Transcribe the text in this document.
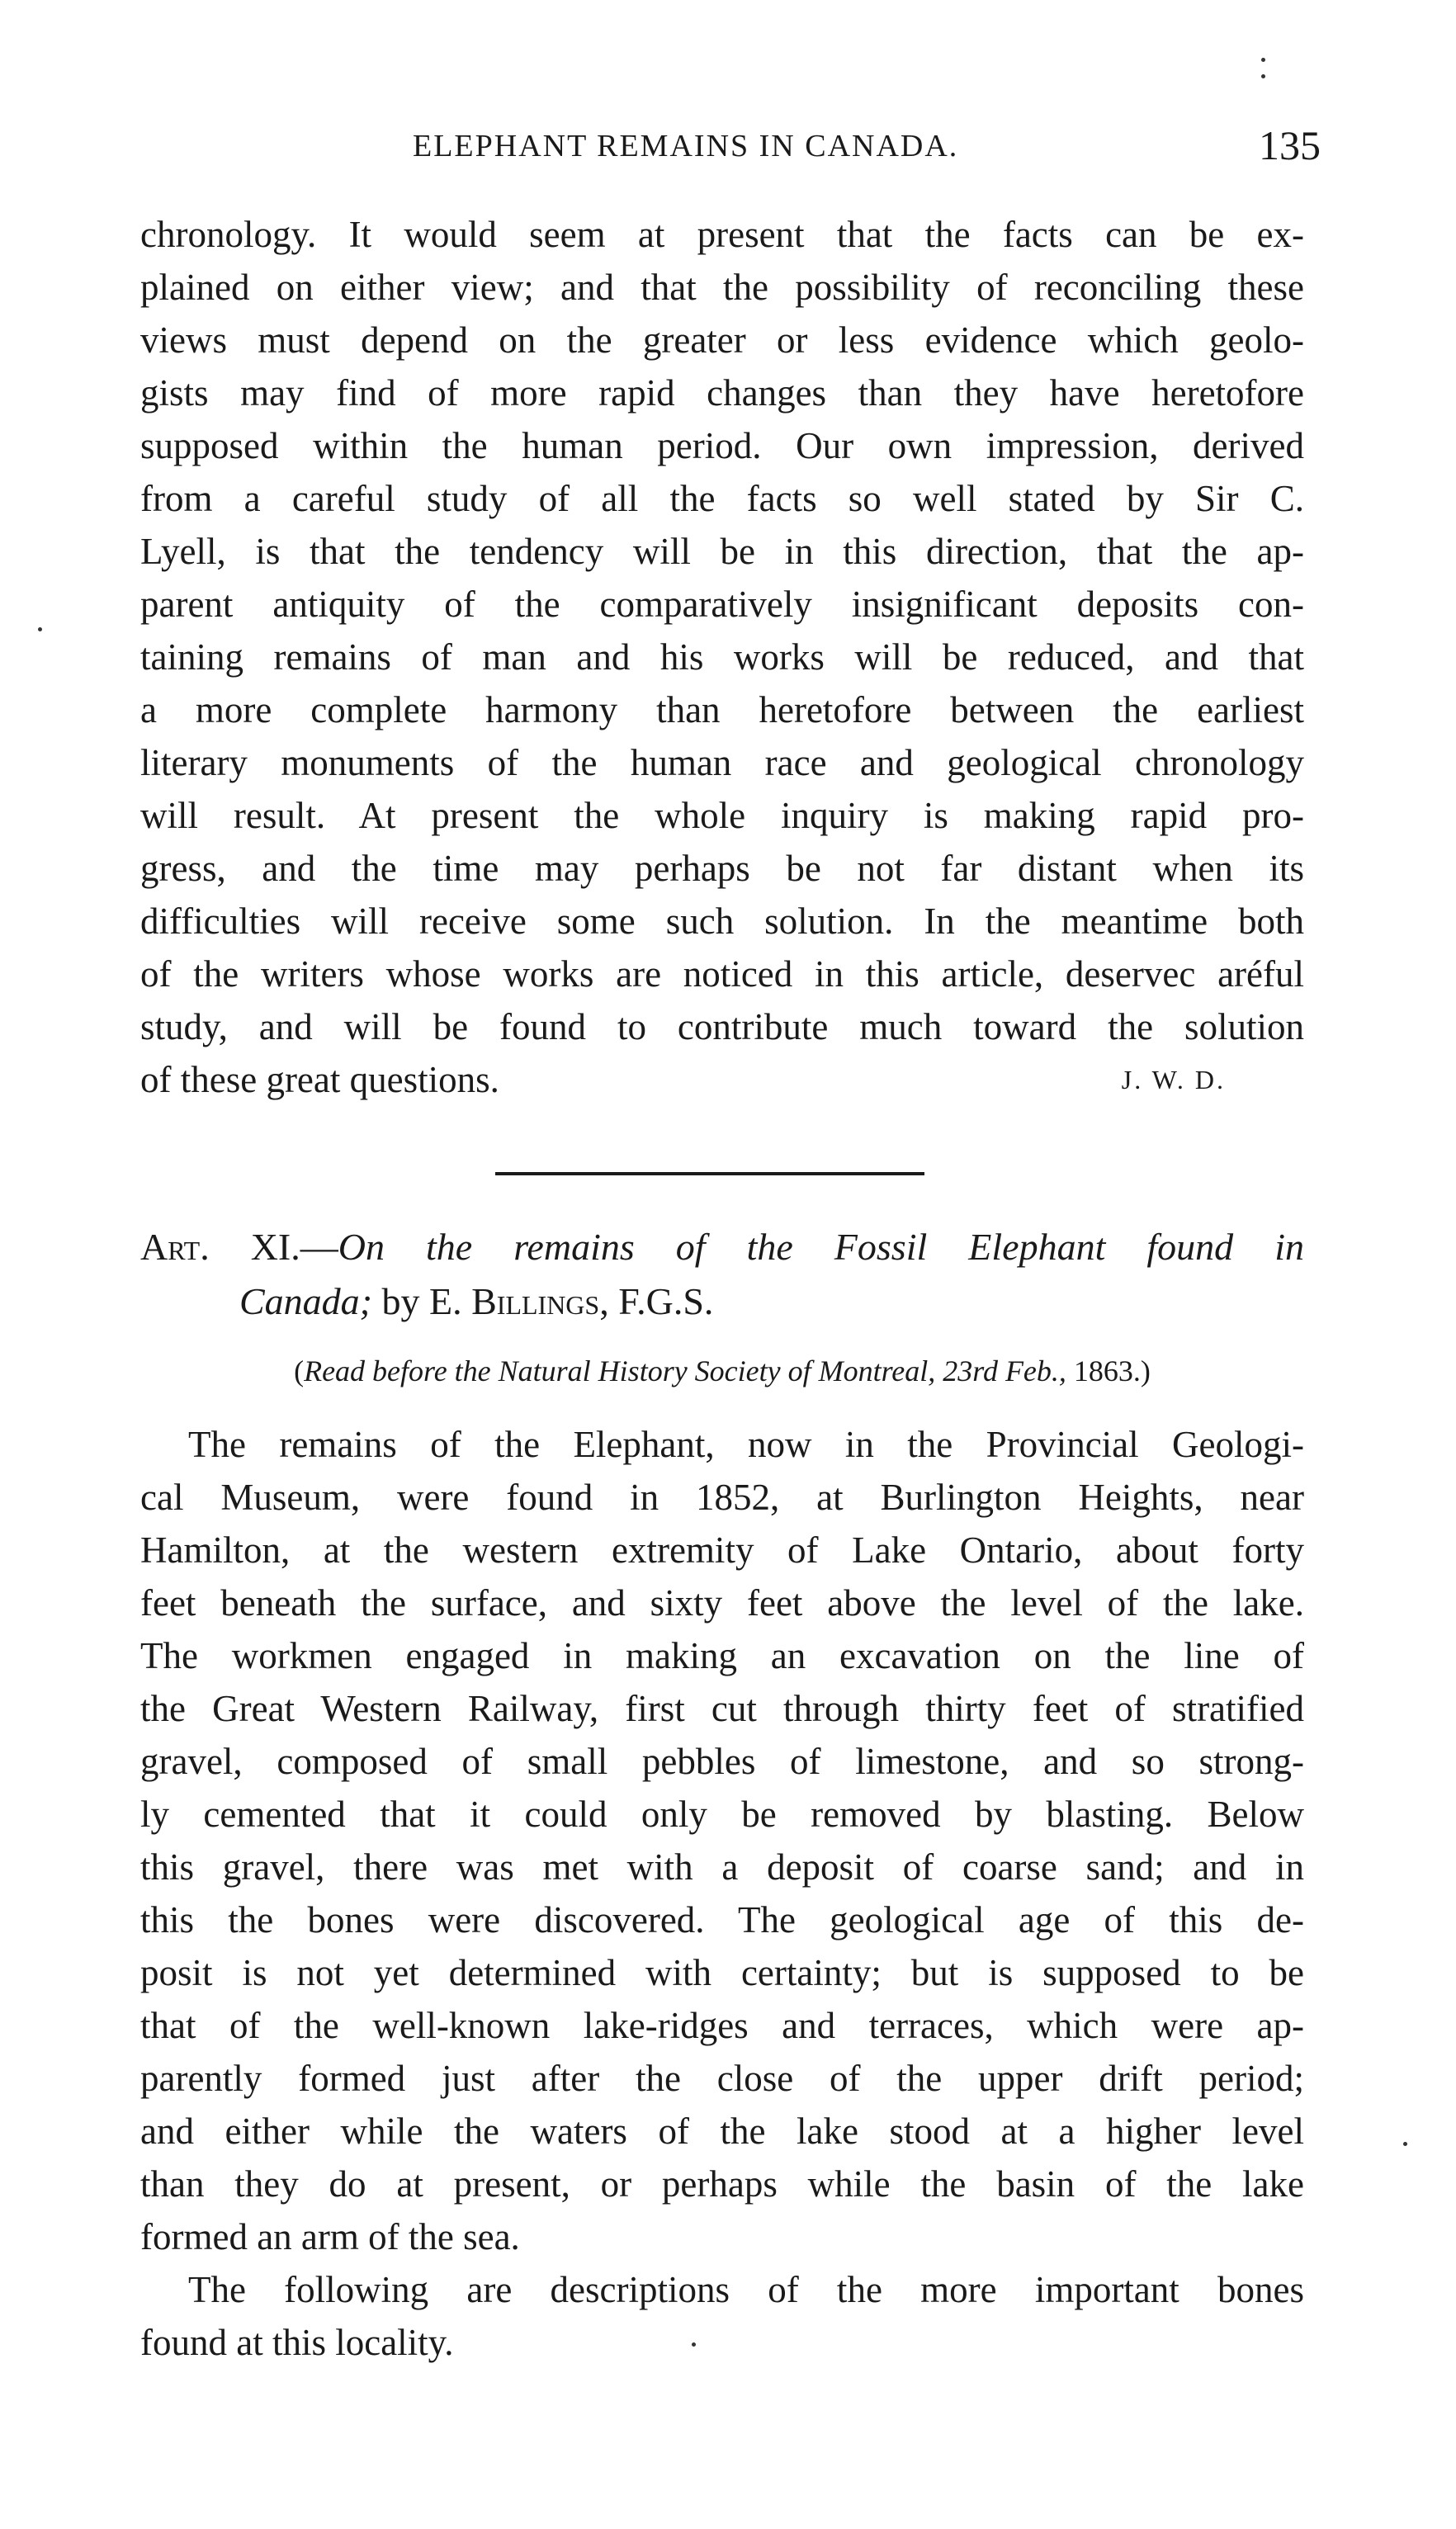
ELEPHANT REMAINS IN CANADA.	135
chronology. It would seem at present that the facts can be ex-
plained on either view; and that the possibility of reconciling these
views must depend on the greater or less evidence which geolo-
gists may find of more rapid changes than they have heretofore
supposed within the human period. Our own impression, derived
from a careful study of all the facts so well stated by Sir C.
Lyell, is that the tendency will be in this direction, that the ap-
parent antiquity of the comparatively insignificant deposits con-
taining remains of man and his works will be reduced, and that
a more complete harmony than heretofore between the earliest
literary monuments of the human race and geological chronology
will result. At present the whole inquiry is making rapid pro-
gress, and the time may perhaps be not far distant when its
difficulties will receive some such solution. In the meantime both
of the writers whose works are noticed in this article, deservec aréful
study, and will be found to contribute much toward the solution
of these great questions.	J. W. D.
Art. XI.—On the remains of the Fossil Elephant found in
Canada; by E. Billings, F.G.S.
(Read before the Natural History Society of Montreal, 23rd Feb., 1863.)
The remains of the Elephant, now in the Provincial Geologi-
cal Museum, were found in 1852, at Burlington Heights, near
Hamilton, at the western extremity of Lake Ontario, about forty
feet beneath the surface, and sixty feet above the level of the lake.
The workmen engaged in making an excavation on the line of
the Great Western Railway, first cut through thirty feet of stratified
gravel, composed of small pebbles of limestone, and so strong-
ly cemented that it could only be removed by blasting. Below
this gravel, there was met with a deposit of coarse sand; and in
this the bones were discovered. The geological age of this de-
posit is not yet determined with certainty; but is supposed to be
that of the well-known lake-ridges and terraces, which were ap-
parently formed just after the close of the upper drift period;
and either while the waters of the lake stood at a higher level
than they do at present, or perhaps while the basin of the lake
formed an arm of the sea.
The following are descriptions of the more important bones
found at this locality.
